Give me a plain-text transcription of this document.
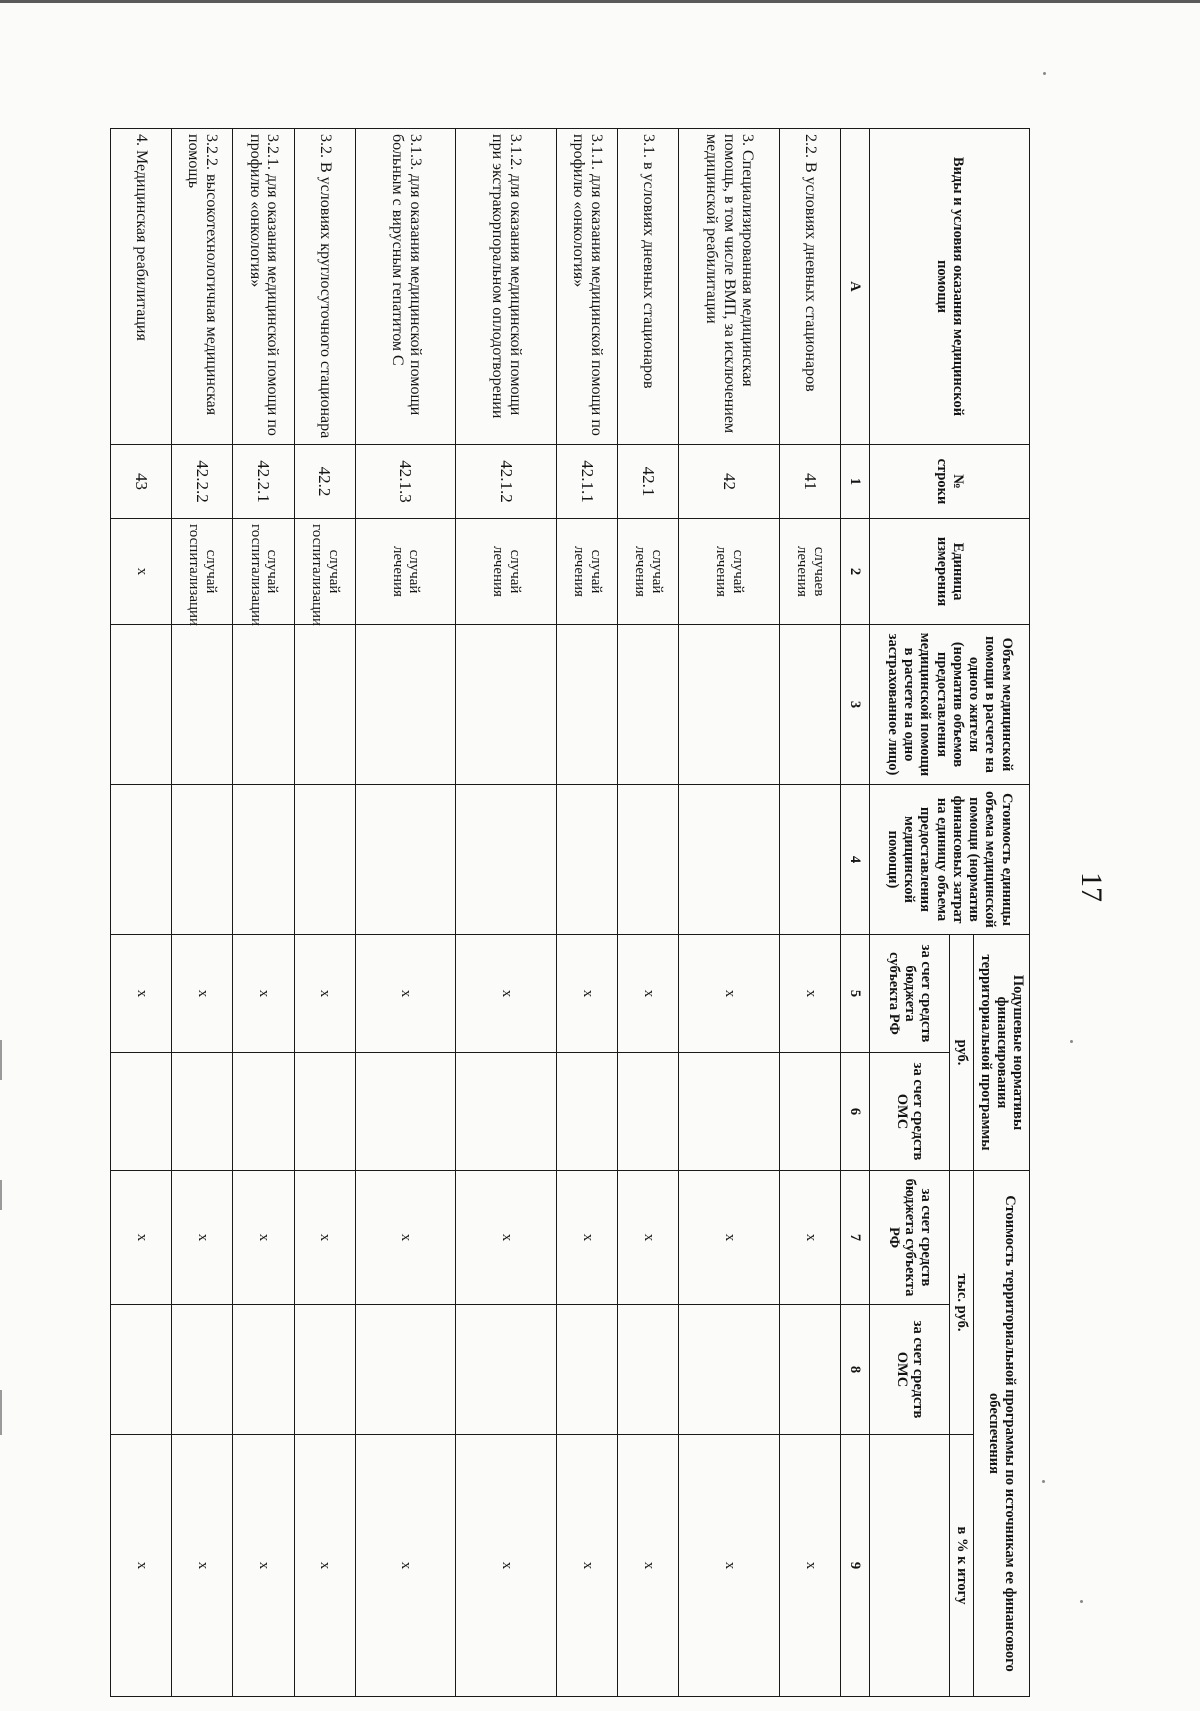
17
Виды и условия оказания медицинской помощи	№ строки	Единица измерения	Объем медицинской помощи в расчете на одного жителя (норматив объемов предоставления медицинской помощи в расчете на одно застрахованное лицо)	Стоимость единицы объема медицинской помощи (норматив финансовых затрат на единицу объема предоставления медицинской помощи)	Подушевые нормативы финансирования территориальной программы		Стоимость территориальной программы по источникам ее финансового обеспечения		
					руб.		тыс. руб.		в % к итогу
					за счет средств бюджета субъекта РФ	за счет средств ОМС	за счет средств бюджета субъекта РФ	за счет средств ОМС	
А	1	2	3	4	5	6	7	8	9
2.2. В условиях дневных стационаров	41	случаев лечения			х		х		х
3. Специализированная медицинская помощь, в том числе ВМП, за исключением медицинской реабилитации	42	случай лечения			х		х		х
3.1. в условиях дневных стационаров	42.1	случай лечения			х		х		х
3.1.1. для оказания медицинской помощи по профилю «онкология»	42.1.1	случай лечения			х		х		х
3.1.2. для оказания медицинской помощи при экстракорпоральном оплодотворении	42.1.2	случай лечения			х		х		х
3.1.3. для оказания медицинской помощи больным с вирусным гепатитом С	42.1.3	случай лечения			х		х		х
3.2. В условиях круглосуточного стационара	42.2	случай госпитализации			х		х		х
3.2.1. для оказания медицинской помощи по профилю «онкология»	42.2.1	случай госпитализации			х		х		х
3.2.2. высокотехнологичная медицинская помощь	42.2.2	случай госпитализации			х		х		х
4. Медицинская реабилитация	43	х			х		х		х
